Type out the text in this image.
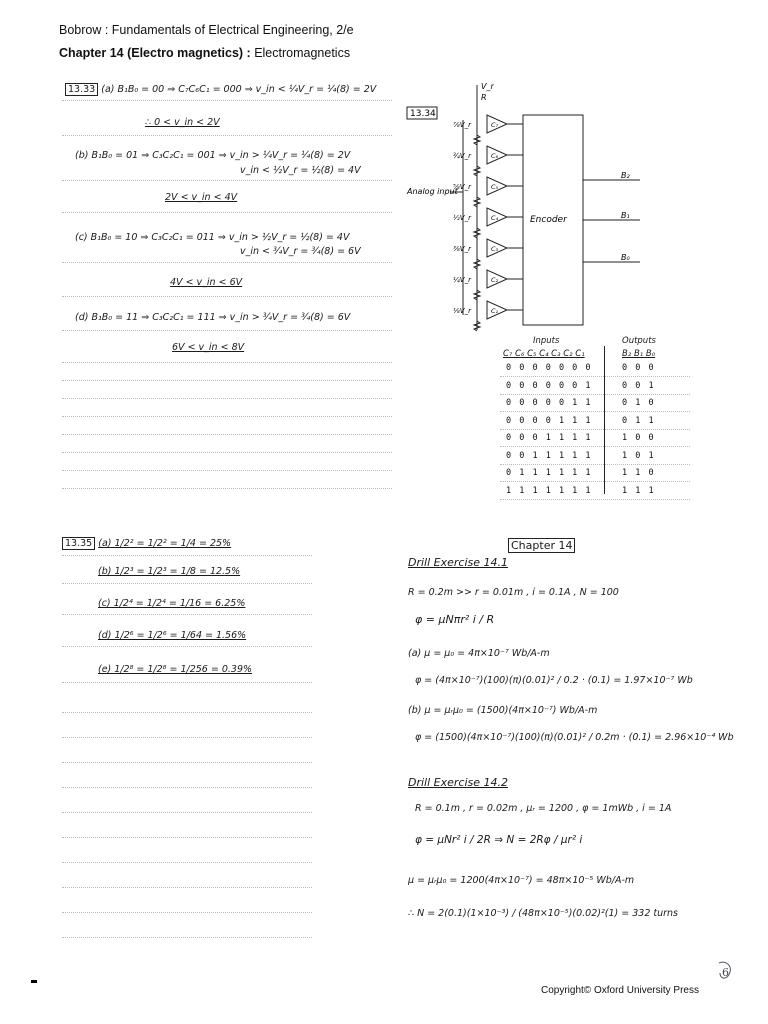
Bobrow : Fundamentals of Electrical Engineering, 2/e
Chapter 14 (Electro magnetics) : Electromagnetics
13.33 (a) B₁B₀ = 00 ⇒ C₇C₆C₁ = 000 ⇒ v_in < ¼V_r = ¼(8) = 2V
∴ 0 < v_in < 2V
(b) B₁B₀ = 01 ⇒ C₃C₂C₁ = 001 ⇒ v_in > ¼V_r = ¼(8) = 2V
v_in < ½V_r = ½(8) = 4V
2V < v_in < 4V
(c) B₁B₀ = 10 ⇒ C₃C₂C₁ = 011 ⇒ v_in > ½V_r = ½(8) = 4V
v_in < ¾V_r = ¾(8) = 6V
4V < v_in < 6V
(d) B₁B₀ = 11 ⇒ C₃C₂C₁ = 111 ⇒ v_in > ¾V_r = ¾(8) = 6V
6V < v_in < 8V
⅞V_r	C₇
¾V_r	C₆
⅝V_r	C₅
½V_r	C₄
⅜V_r	C₃
¼V_r	C₂
⅛V_r	C₁
13.34
V_r
R
Analog input
Encoder
B₂
B₁
B₀
Inputs	Outputs
C₇ C₆ C₅ C₄ C₃ C₂ C₁	B₂ B₁ B₀
0 0 0 0 0 0 0	0 0 0
0 0 0 0 0 0 1	0 0 1
0 0 0 0 0 1 1	0 1 0
0 0 0 0 1 1 1	0 1 1
0 0 0 1 1 1 1	1 0 0
0 0 1 1 1 1 1	1 0 1
0 1 1 1 1 1 1	1 1 0
1 1 1 1 1 1 1	1 1 1
13.35 (a) 1/2² = 1/2² = 1/4 = 25%
(b) 1/2³ = 1/2³ = 1/8 = 12.5%
(c) 1/2⁴ = 1/2⁴ = 1/16 = 6.25%
(d) 1/2⁶ = 1/2⁶ = 1/64 = 1.56%
(e) 1/2⁸ = 1/2⁸ = 1/256 = 0.39%
Chapter 14
Drill Exercise 14.1
R = 0.2m >> r = 0.01m , i = 0.1A , N = 100
φ = μNπr² i / R
(a) μ = μ₀ = 4π×10⁻⁷ Wb/A-m
φ = (4π×10⁻⁷)(100)(π)(0.01)² / 0.2 · (0.1) = 1.97×10⁻⁷ Wb
(b) μ = μᵣμ₀ = (1500)(4π×10⁻⁷) Wb/A-m
φ = (1500)(4π×10⁻⁷)(100)(π)(0.01)² / 0.2m · (0.1) = 2.96×10⁻⁴ Wb
Drill Exercise 14.2
R = 0.1m , r = 0.02m , μᵣ = 1200 , φ = 1mWb , i = 1A
φ = μNr² i / 2R ⇒ N = 2Rφ / μr² i
μ = μᵣμ₀ = 1200(4π×10⁻⁷) = 48π×10⁻⁵ Wb/A-m
∴ N = 2(0.1)(1×10⁻³) / (48π×10⁻⁵)(0.02)²(1) = 332 turns
Copyright© Oxford University Press
6
